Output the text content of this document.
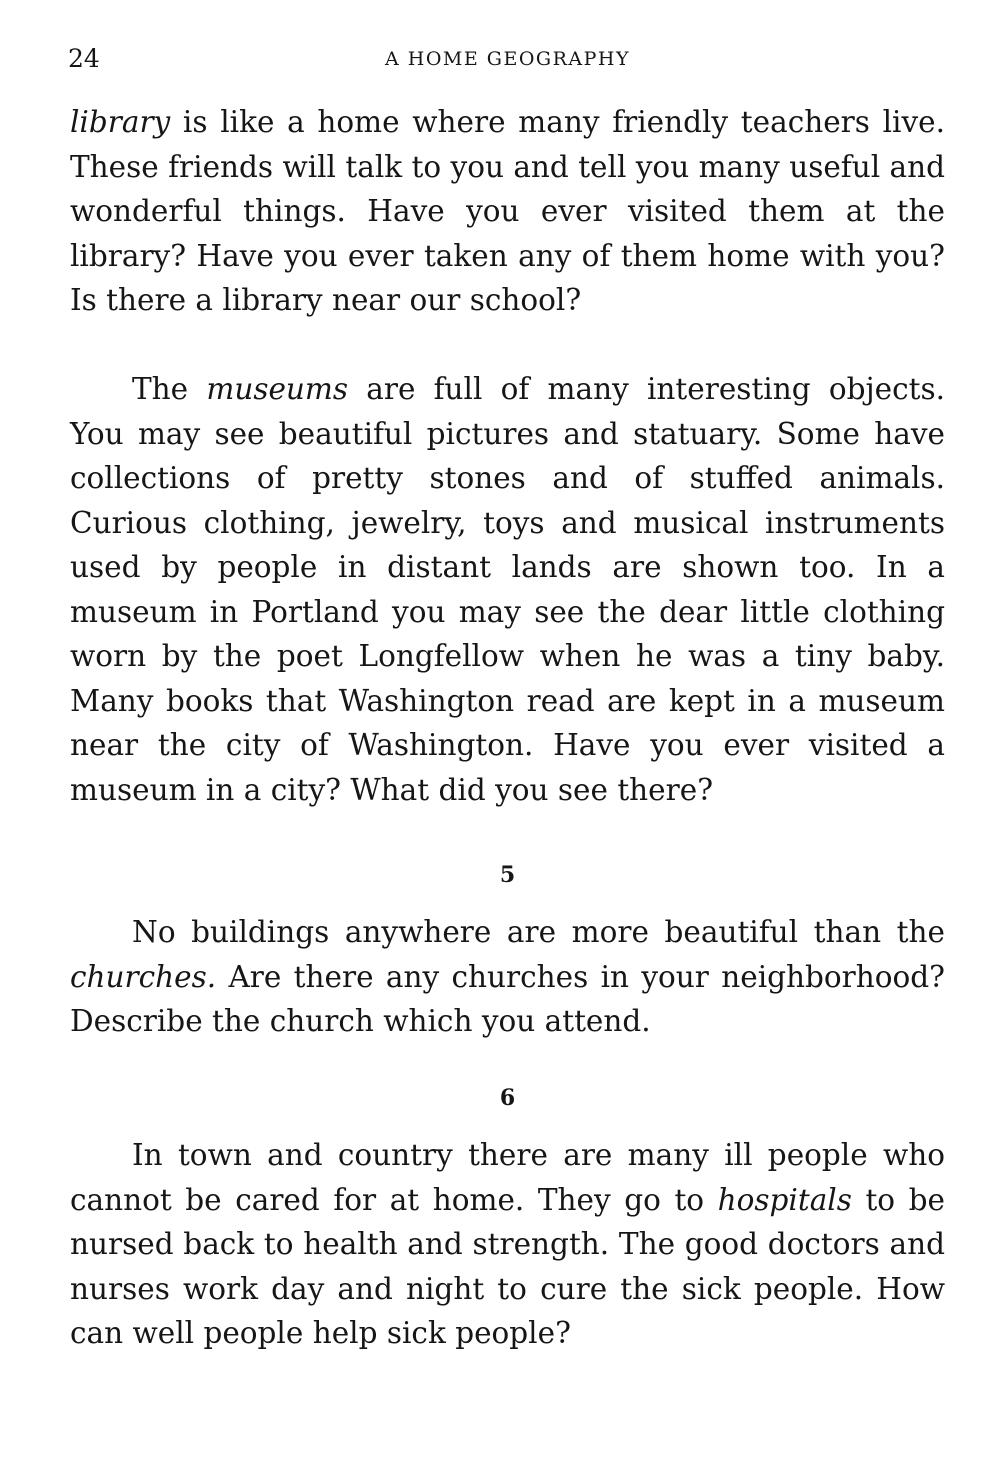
24	A HOME GEOGRAPHY

library is like a home where many friendly teachers live. These friends will talk to you and tell you many useful and wonderful things. Have you ever visited them at the library? Have you ever taken any of them home with you? Is there a library near our school?

The museums are full of many interesting objects. You may see beautiful pictures and statuary. Some have collections of pretty stones and of stuffed animals. Curious clothing, jewelry, toys and musical instruments used by people in distant lands are shown too. In a museum in Portland you may see the dear little clothing worn by the poet Longfellow when he was a tiny baby. Many books that Washington read are kept in a museum near the city of Washington. Have you ever visited a museum in a city? What did you see there?

5

No buildings anywhere are more beautiful than the churches. Are there any churches in your neighborhood? Describe the church which you attend.

6

In town and country there are many ill people who cannot be cared for at home. They go to hospitals to be nursed back to health and strength. The good doctors and nurses work day and night to cure the sick people. How can well people help sick people?
